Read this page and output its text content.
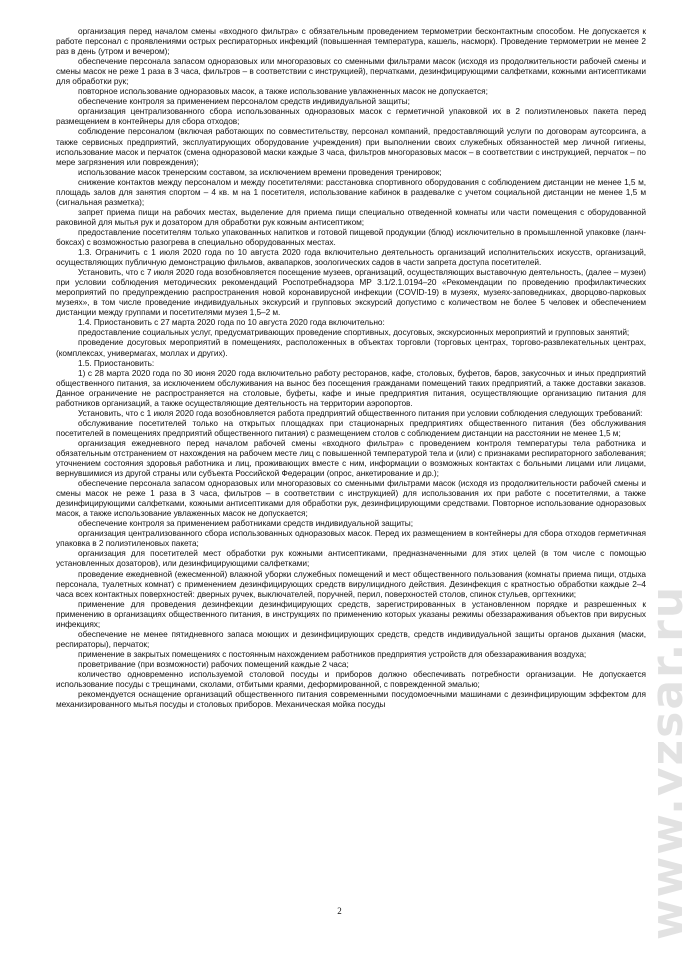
организация перед началом смены «входного фильтра» с обязательным проведением термометрии бесконтактным способом. Не допускается к работе персонал с проявлениями острых респираторных инфекций (повышенная температура, кашель, насморк). Проведение термометрии не менее 2 раз в день (утром и вечером);

обеспечение персонала запасом одноразовых или многоразовых со сменными фильтрами масок (исходя из продолжительности рабочей смены и смены масок не реже 1 раза в 3 часа, фильтров – в соответствии с инструкцией), перчатками, дезинфицирующими салфетками, кожными антисептиками для обработки рук;

повторное использование одноразовых масок, а также использование увлажненных масок не допускается;

обеспечение контроля за применением персоналом средств индивидуальной защиты;

организация централизованного сбора использованных одноразовых масок с герметичной упаковкой их в 2 полиэтиленовых пакета перед размещением в контейнеры для сбора отходов;

соблюдение персоналом (включая работающих по совместительству, персонал компаний, предоставляющий услуги по договорам аутсорсинга, а также сервисных предприятий, эксплуатирующих оборудование учреждения) при выполнении своих служебных обязанностей мер личной гигиены, использование масок и перчаток (смена одноразовой маски каждые 3 часа, фильтров многоразовых масок – в соответствии с инструкцией, перчаток – по мере загрязнения или повреждения);

использование масок тренерским составом, за исключением времени проведения тренировок;

снижение контактов между персоналом и между посетителями: расстановка спортивного оборудования с соблюдением дистанции не менее 1,5 м, площадь залов для занятия спортом – 4 кв. м на 1 посетителя, использование кабинок в раздевалке с учетом социальной дистанции не менее 1,5 м (сигнальная разметка);

запрет приема пищи на рабочих местах, выделение для приема пищи специально отведенной комнаты или части помещения с оборудованной раковиной для мытья рук и дозатором для обработки рук кожным антисептиком;

предоставление посетителям только упакованных напитков и готовой пищевой продукции (блюд) исключительно в промышленной упаковке (ланч-боксах) с возможностью разогрева в специально оборудованных местах.

1.3. Ограничить с 1 июля 2020 года по 10 августа 2020 года включительно деятельность организаций исполнительских искусств, организаций, осуществляющих публичную демонстрацию фильмов, аквапарков, зоологических садов в части запрета доступа посетителей.

Установить, что с 7 июля 2020 года возобновляется посещение музеев, организаций, осуществляющих выставочную деятельность, (далее – музеи) при условии соблюдения методических рекомендаций Роспотребнадзора МР 3.1/2.1.0194–20 «Рекомендации по проведению профилактических мероприятий по предупреждению распространения новой коронавирусной инфекции (COVID-19) в музеях, музеях-заповедниках, дворцово-парковых музеях», в том числе проведение индивидуальных экскурсий и групповых экскурсий допустимо с количеством не более 5 человек и обеспечением дистанции между группами и посетителями музея 1,5–2 м.

1.4. Приостановить с 27 марта 2020 года по 10 августа 2020 года включительно:

предоставление социальных услуг, предусматривающих проведение спортивных, досуговых, экскурсионных мероприятий и групповых занятий;

проведение досуговых мероприятий в помещениях, расположенных в объектах торговли (торговых центрах, торгово-развлекательных центрах, (комплексах, универмагах, моллах и других).

1.5. Приостановить:

1) с 28 марта 2020 года по 30 июня 2020 года включительно работу ресторанов, кафе, столовых, буфетов, баров, закусочных и иных предприятий общественного питания, за исключением обслуживания на вынос без посещения гражданами помещений таких предприятий, а также доставки заказов. Данное ограничение не распространяется на столовые, буфеты, кафе и иные предприятия питания, осуществляющие организацию питания для работников организаций, а также осуществляющие деятельность на территории аэропортов.

Установить, что с 1 июля 2020 года возобновляется работа предприятий общественного питания при условии соблюдения следующих требований:

обслуживание посетителей только на открытых площадках при стационарных предприятиях общественного питания (без обслуживания посетителей в помещениях предприятий общественного питания) с размещением столов с соблюдением дистанции на расстоянии не менее 1,5 м;

организация ежедневного перед началом рабочей смены «входного фильтра» с проведением контроля температуры тела работника и обязательным отстранением от нахождения на рабочем месте лиц с повышенной температурой тела и (или) с признаками респираторного заболевания; уточнением состояния здоровья работника и лиц, проживающих вместе с ним, информации о возможных контактах с больными лицами или лицами, вернувшимися из другой страны или субъекта Российской Федерации (опрос, анкетирование и др.);

обеспечение персонала запасом одноразовых или многоразовых со сменными фильтрами масок (исходя из продолжительности рабочей смены и смены масок не реже 1 раза в 3 часа, фильтров – в соответствии с инструкцией) для использования их при работе с посетителями, а также дезинфицирующими салфетками, кожными антисептиками для обработки рук, дезинфицирующими средствами. Повторное использование одноразовых масок, а также использование увлаженных масок не допускается;

обеспечение контроля за применением работниками средств индивидуальной защиты;

организация централизованного сбора использованных одноразовых масок. Перед их размещением в контейнеры для сбора отходов герметичная упаковка в 2 полиэтиленовых пакета;

организация для посетителей мест обработки рук кожными антисептиками, предназначенными для этих целей (в том числе с помощью установленных дозаторов), или дезинфицирующими салфетками;

проведение ежедневной (ежесменной) влажной уборки служебных помещений и мест общественного пользования (комнаты приема пищи, отдыха персонала, туалетных комнат) с применением дезинфицирующих средств вирулицидного действия. Дезинфекция с кратностью обработки каждые 2–4 часа всех контактных поверхностей: дверных ручек, выключателей, поручней, перил, поверхностей столов, спинок стульев, оргтехники;

применение для проведения дезинфекции дезинфицирующих средств, зарегистрированных в установленном порядке и разрешенных к применению в организациях общественного питания, в инструкциях по применению которых указаны режимы обеззараживания объектов при вирусных инфекциях;

обеспечение не менее пятидневного запаса моющих и дезинфицирующих средств, средств индивидуальной защиты органов дыхания (маски, респираторы), перчаток;

применение в закрытых помещениях с постоянным нахождением работников предприятия устройств для обеззараживания воздуха;

проветривание (при возможности) рабочих помещений каждые 2 часа;

количество одновременно используемой столовой посуды и приборов должно обеспечивать потребности организации. Не допускается использование посуды с трещинами, сколами, отбитыми краями, деформированной, с поврежденной эмалью;

рекомендуется оснащение организаций общественного питания современными посудомоечными машинами с дезинфицирующим эффектом для механизированного мытья посуды и столовых приборов. Механическая мойка посуды

2	www.vzsar.ru
